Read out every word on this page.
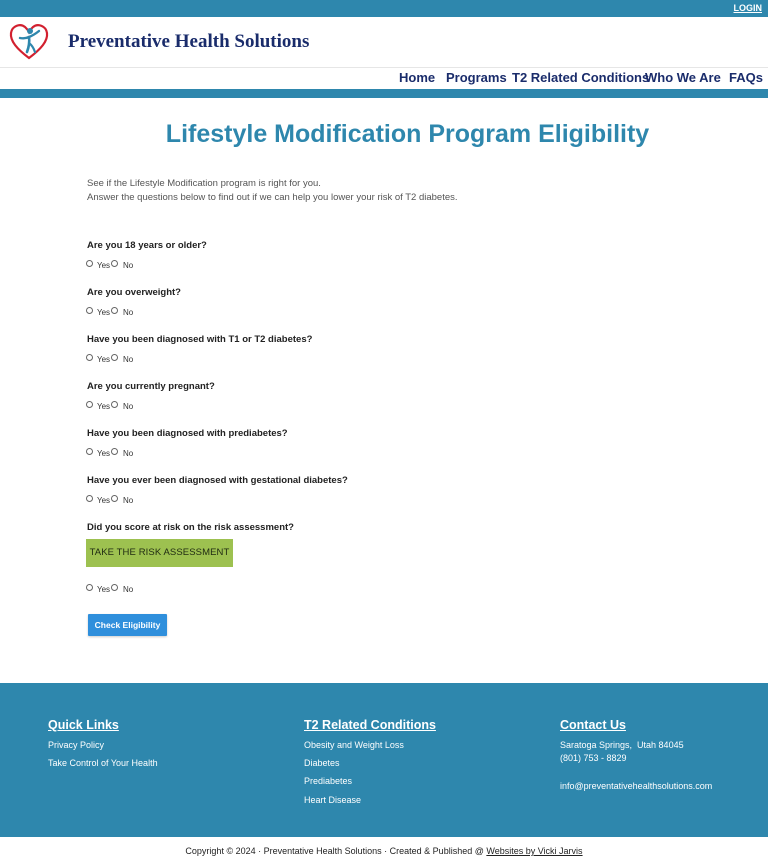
LOGIN
Preventative Health Solutions
Home Programs T2 Related Conditions
Who We Are FAQs
Lifestyle Modification Program Eligibility
See if the Lifestyle Modification program is right for you.
Answer the questions below to find out if we can help you lower your risk of T2 diabetes.
Are you 18 years or older?
Yes No
Are you overweight?
Yes No
Have you been diagnosed with T1 or T2 diabetes?
Yes No
Are you currently pregnant?
Yes No
Have you been diagnosed with prediabetes?
Yes No
Have you ever been diagnosed with gestational diabetes?
Yes No
Did you score at risk on the risk assessment?
TAKE THE RISK ASSESSMENT
Yes No
Check Eligibility
Quick Links
Privacy Policy
Take Control of Your Health
T2 Related Conditions
Obesity and Weight Loss
Diabetes
Prediabetes
Heart Disease
Contact Us
Saratoga Springs,  Utah 84045
(801) 753 - 8829
info@preventativehealthsolutions.com
Copyright © 2024 · Preventative Health Solutions · Created & Published @ Websites by Vicki Jarvis
